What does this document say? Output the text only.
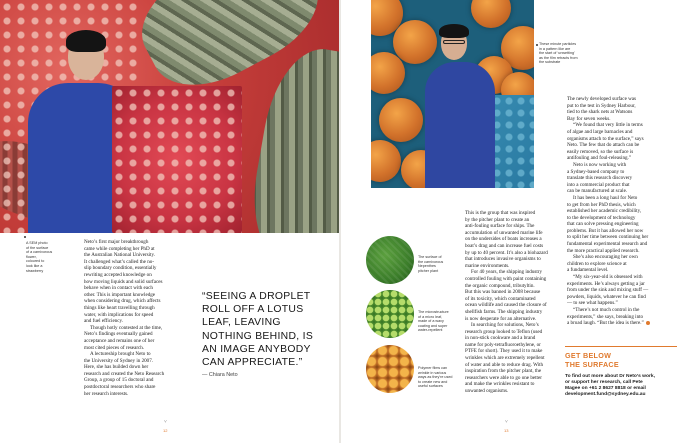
A SEM photo
of the surface
of a carnivorous
flower,
coloured to
look like a
strawberry
Neto’s first major breakthrough
came while completing her PhD at
the Australian National University.
It challenged what’s called the no-
slip boundary condition, essentially
rewriting accepted knowledge on
how moving liquids and solid surfaces
behave when in contact with each
other. This is important knowledge
when considering drug, which affects
things like heart travelling through
water, with implications for speed
and fuel efficiency.
Though hotly contested at the time,
Neto’s findings eventually gained
acceptance and remains one of her
most cited pieces of research.
A lectureship brought Neto to
the University of Sydney in 2007.
Here, she has builded down her
research and created the Neto Research
Group, a group of 15 doctoral and
postdoctoral researchers who share
her research interests.
“SEEING A DROPLET
ROLL OFF A LOTUS
LEAF, LEAVING
NOTHING BEHIND, IS
AN IMAGE ANYBODY
CAN APPRECIATE.”
— Chiara Neto
˅
12
These minute particles
in a pattern like are
the start of ‘unwetting’
as the film retracts from
the substrate
The surface of
the carnivorous
Nepenthes
pitcher plant
The microstructure
of a micro leaf,
made of a wavy
coating and super
water-repellent
Polymer films can
wrinkle in various
ways as they’re used
to create new and
useful surfaces
This is the group that was inspired
by the pitcher plant to create an
anti-fouling surface for ships. The
accumulation of unwanted marine life
on the undersides of boats increases a
boat’s drag and can increase fuel costs
by up to 40 percent. It’s also a biohazard
that introduces invasive organisms to
marine environments.
For 40 years, the shipping industry
controlled fouling with paint containing
the organic compound, tributyltin.
But this was banned in 2008 because
of its toxicity, which contaminated
ocean wildlife and caused the closure of
shellfish farms. The shipping industry
is now desperate for an alternative.
In searching for solutions, Neto’s
research group looked to Teflon (used
in non-stick cookware and a brand
name for poly-tetrafluoroethylene, or
PTFE for short). They used it to make
wrinkles which are extremely repellent
of water and able to reduce drag. With
inspiration from the pitcher plant, the
researchers were able to go one better
and make the wrinkles resistant to
unwanted organisms.
The newly developed surface was
put to the test in Sydney Harbour,
tied to the shark nets at Watsons
Bay for seven weeks.
“We found that very little in terms
of algae and large barnacles and
organisms attach to the surface,” says
Neto. The few that do attach can be
easily removed, so the surface is
antifouling and foul-releasing.”
Neto is now working with
a Sydney-based company to
translate this research discovery
into a commercial product that
can be manufactured at scale.
It has been a long haul for Neto
to get from her PhD thesis, which
established her academic credibility,
to the development of technology
that can solve pressing engineering
problems. But it has allowed her now
to split her time between continuing her
fundamental experimental research and
the more practical applied research.
She’s also encouraging her own
children to explore science at
a fundamental level.
“My six-year-old is obsessed with
experiments. He’s always getting a jar
from under the sink and mixing stuff —
powders, liquids, whatever he can find
— to see what happens.”
“There’s not much control in the
experiments,” she says, breaking into
a broad laugh. “But the idea is there.”
GET BELOW
THE SURFACE
To find out more about Dr Neto’s work,
or support her research, call Pete
Magee on +61 2 8627 8818 or email
development.fund@sydney.edu.au
˅
13
